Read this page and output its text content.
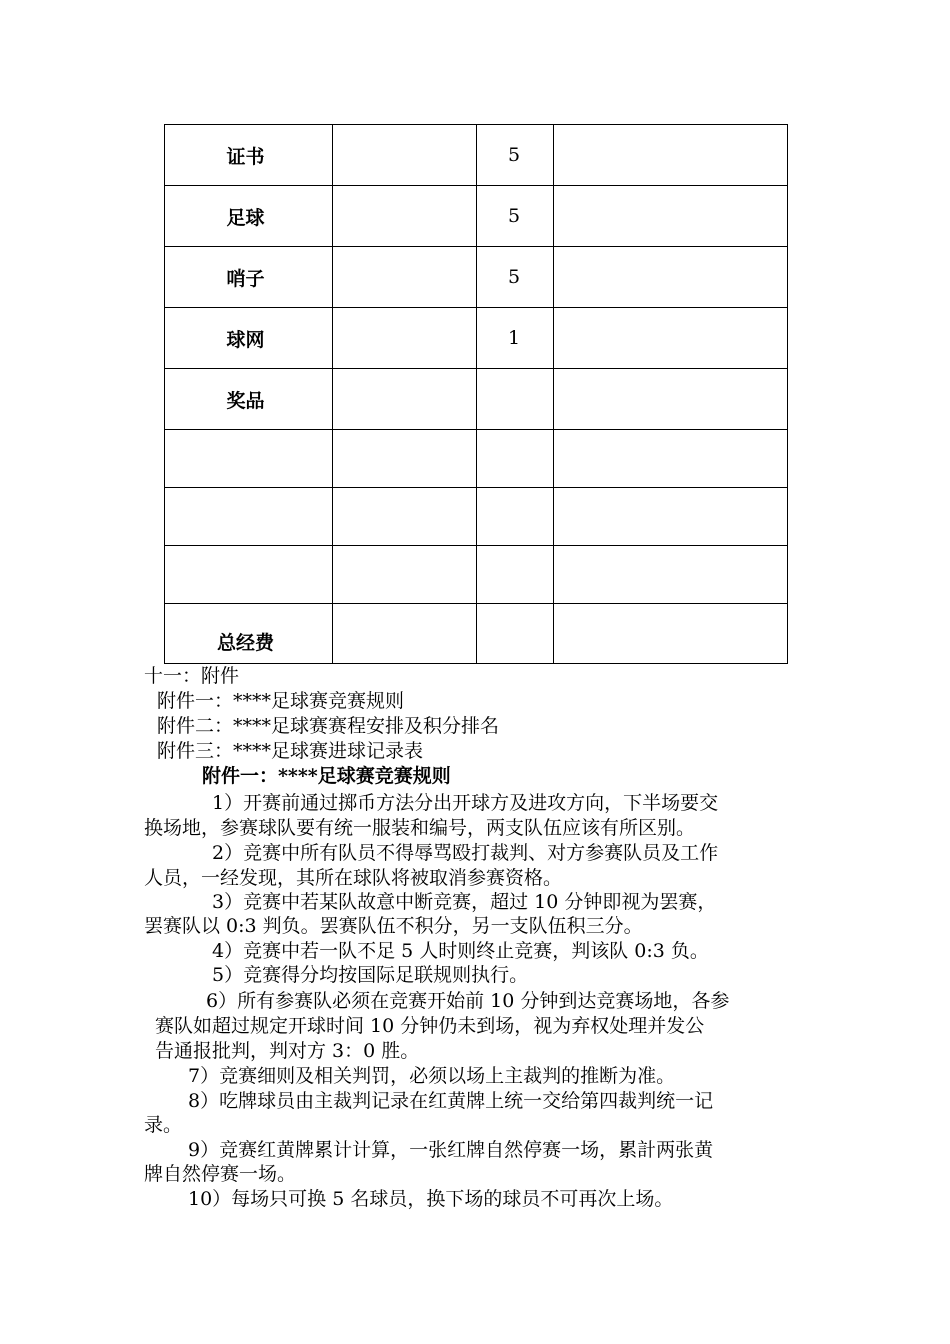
证书		5	
足球		5	
哨子		5	
球网		1	
奖品			

总经费			
十一：附件
附件一：****足球赛竞赛规则
附件二：****足球赛赛程安排及积分排名
附件三：****足球赛进球记录表
附件一：****足球赛竞赛规则
1）开赛前通过掷币方法分出开球方及进攻方向，下半场要交
换场地，参赛球队要有统一服装和编号，两支队伍应该有所区别。
2）竞赛中所有队员不得辱骂殴打裁判、对方参赛队员及工作
人员，一经发现，其所在球队将被取消参赛资格。
3）竞赛中若某队故意中断竞赛，超过 10 分钟即视为罢赛，
罢赛队以 0:3 判负。罢赛队伍不积分，另一支队伍积三分。
4）竞赛中若一队不足 5 人时则终止竞赛，判该队 0:3 负。
5）竞赛得分均按国际足联规则执行。
6）所有参赛队必须在竞赛开始前 10 分钟到达竞赛场地，各参
赛队如超过规定开球时间 10 分钟仍未到场，视为弃权处理并发公
告通报批判，判对方 3：0 胜。
7）竞赛细则及相关判罚，必须以场上主裁判的推断为准。
8）吃牌球员由主裁判记录在红黄牌上统一交给第四裁判统一记
录。
9）竞赛红黄牌累计计算，一张红牌自然停赛一场，累計两张黄
牌自然停赛一场。
10）每场只可换 5 名球员，换下场的球员不可再次上场。
